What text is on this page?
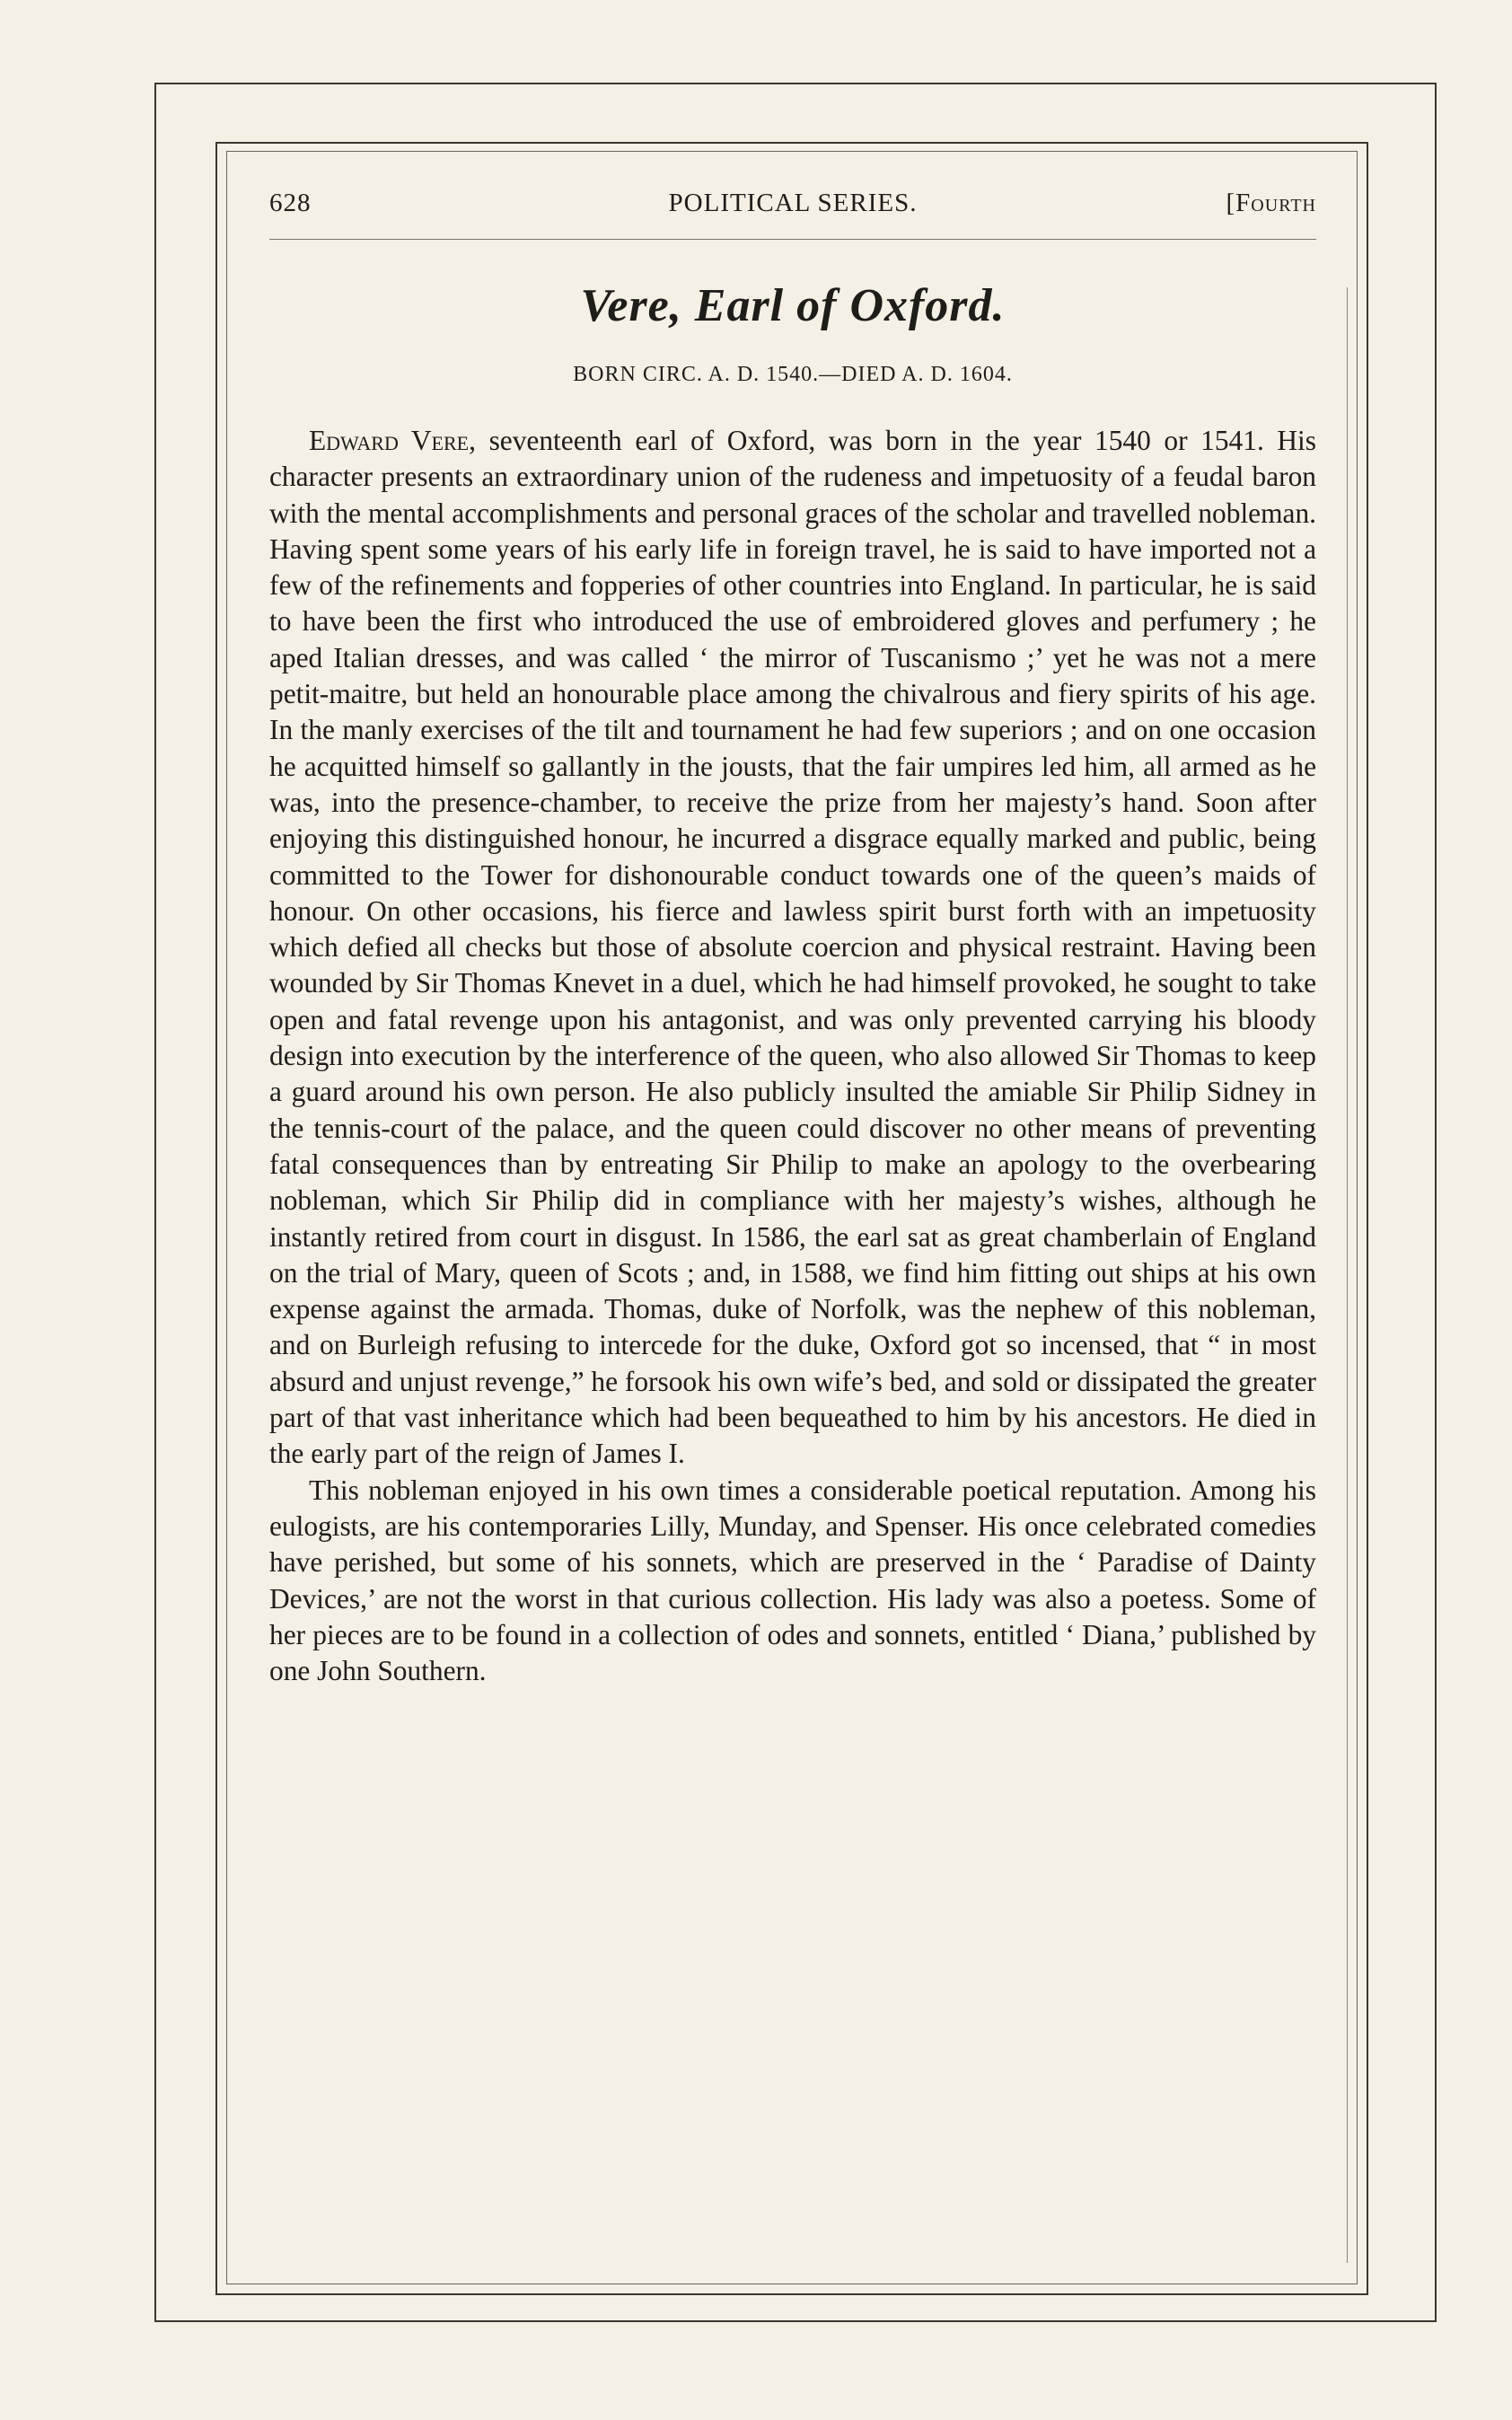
628	POLITICAL SERIES.	[Fourth
Vere, Earl of Oxford.
BORN CIRC. A. D. 1540.—DIED A. D. 1604.

Edward Vere, seventeenth earl of Oxford, was born in the year 1540 or 1541. His character presents an extraordinary union of the rudeness and impetuosity of a feudal baron with the mental accomplishments and personal graces of the scholar and travelled nobleman. Having spent some years of his early life in foreign travel, he is said to have imported not a few of the refinements and fopperies of other countries into England. In particular, he is said to have been the first who introduced the use of embroidered gloves and perfumery ; he aped Italian dresses, and was called ‘ the mirror of Tuscanismo ;’ yet he was not a mere petit-maitre, but held an honourable place among the chivalrous and fiery spirits of his age. In the manly exercises of the tilt and tournament he had few superiors ; and on one occasion he acquitted himself so gallantly in the jousts, that the fair umpires led him, all armed as he was, into the presence-chamber, to receive the prize from her majesty’s hand. Soon after enjoying this distinguished honour, he incurred a disgrace equally marked and public, being committed to the Tower for dishonourable conduct towards one of the queen’s maids of honour. On other occasions, his fierce and lawless spirit burst forth with an impetuosity which defied all checks but those of absolute coercion and physical restraint. Having been wounded by Sir Thomas Knevet in a duel, which he had himself provoked, he sought to take open and fatal revenge upon his antagonist, and was only prevented carrying his bloody design into execution by the interference of the queen, who also allowed Sir Thomas to keep a guard around his own person. He also publicly insulted the amiable Sir Philip Sidney in the tennis-court of the palace, and the queen could discover no other means of preventing fatal consequences than by entreating Sir Philip to make an apology to the overbearing nobleman, which Sir Philip did in compliance with her majesty’s wishes, although he instantly retired from court in disgust. In 1586, the earl sat as great chamberlain of England on the trial of Mary, queen of Scots ; and, in 1588, we find him fitting out ships at his own expense against the armada. Thomas, duke of Norfolk, was the nephew of this nobleman, and on Burleigh refusing to intercede for the duke, Oxford got so incensed, that “ in most absurd and unjust revenge,” he forsook his own wife’s bed, and sold or dissipated the greater part of that vast inheritance which had been bequeathed to him by his ancestors. He died in the early part of the reign of James I.

This nobleman enjoyed in his own times a considerable poetical reputation. Among his eulogists, are his contemporaries Lilly, Munday, and Spenser. His once celebrated comedies have perished, but some of his sonnets, which are preserved in the ‘ Paradise of Dainty Devices,’ are not the worst in that curious collection. His lady was also a poetess. Some of her pieces are to be found in a collection of odes and sonnets, entitled ‘ Diana,’ published by one John Southern.
